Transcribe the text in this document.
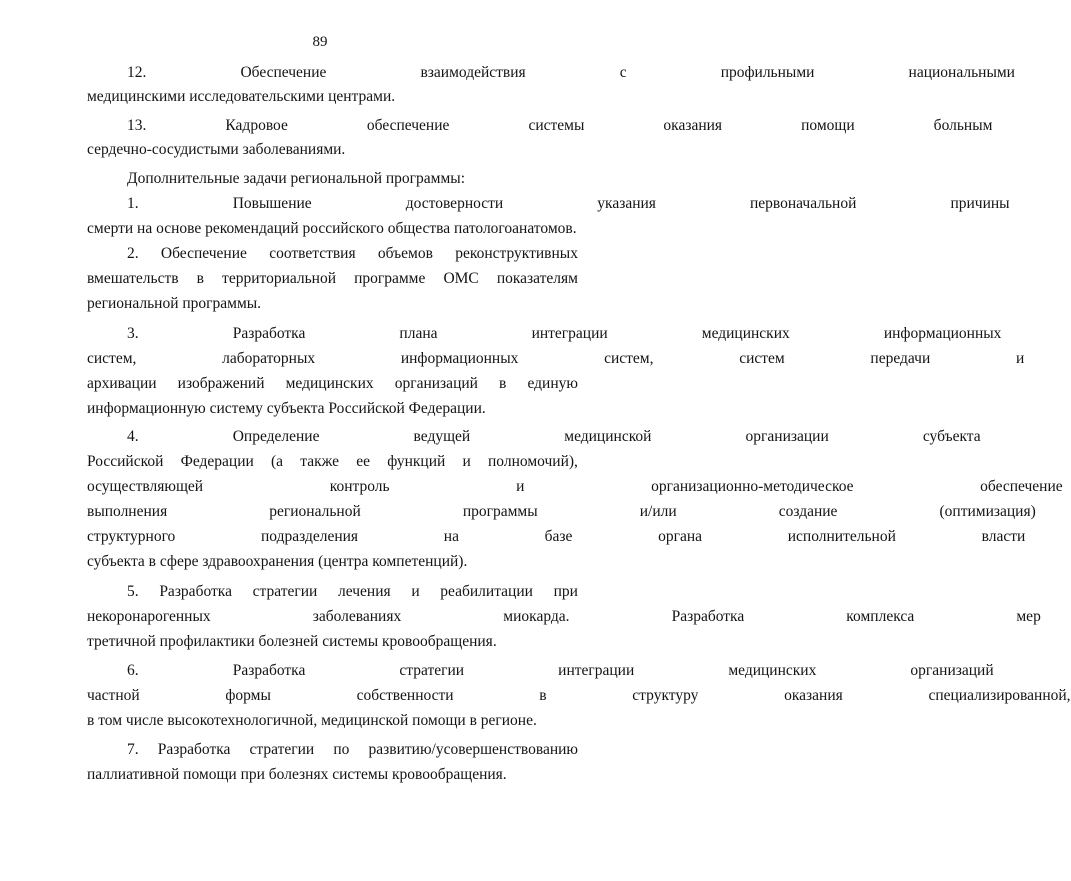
89
12. Обеспечение взаимодействия с профильными национальными
медицинскими исследовательскими центрами.
13. Кадровое обеспечение системы оказания помощи больным
сердечно-сосудистыми заболеваниями.
Дополнительные задачи региональной программы:
1. Повышение достоверности указания первоначальной причины
смерти на основе рекомендаций российского общества патологоанатомов.
2. Обеспечение соответствия объемов реконструктивных
вмешательств в территориальной программе ОМС показателям
региональной программы.
3. Разработка плана интеграции медицинских информационных
систем, лабораторных информационных систем, систем передачи и
архивации изображений медицинских организаций в единую
информационную систему субъекта Российской Федерации.
4. Определение ведущей медицинской организации субъекта
Российской Федерации (а также ее функций и полномочий),
осуществляющей контроль и организационно-методическое обеспечение
выполнения региональной программы и/или создание (оптимизация)
структурного подразделения на базе органа исполнительной власти
субъекта в сфере здравоохранения (центра компетенций).
5. Разработка стратегии лечения и реабилитации при
некоронарогенных заболеваниях миокарда. Разработка комплекса мер
третичной профилактики болезней системы кровообращения.
6. Разработка стратегии интеграции медицинских организаций
частной формы собственности в структуру оказания специализированной,
в том числе высокотехнологичной, медицинской помощи в регионе.
7. Разработка стратегии по развитию/усовершенствованию
паллиативной помощи при болезнях системы кровообращения.
